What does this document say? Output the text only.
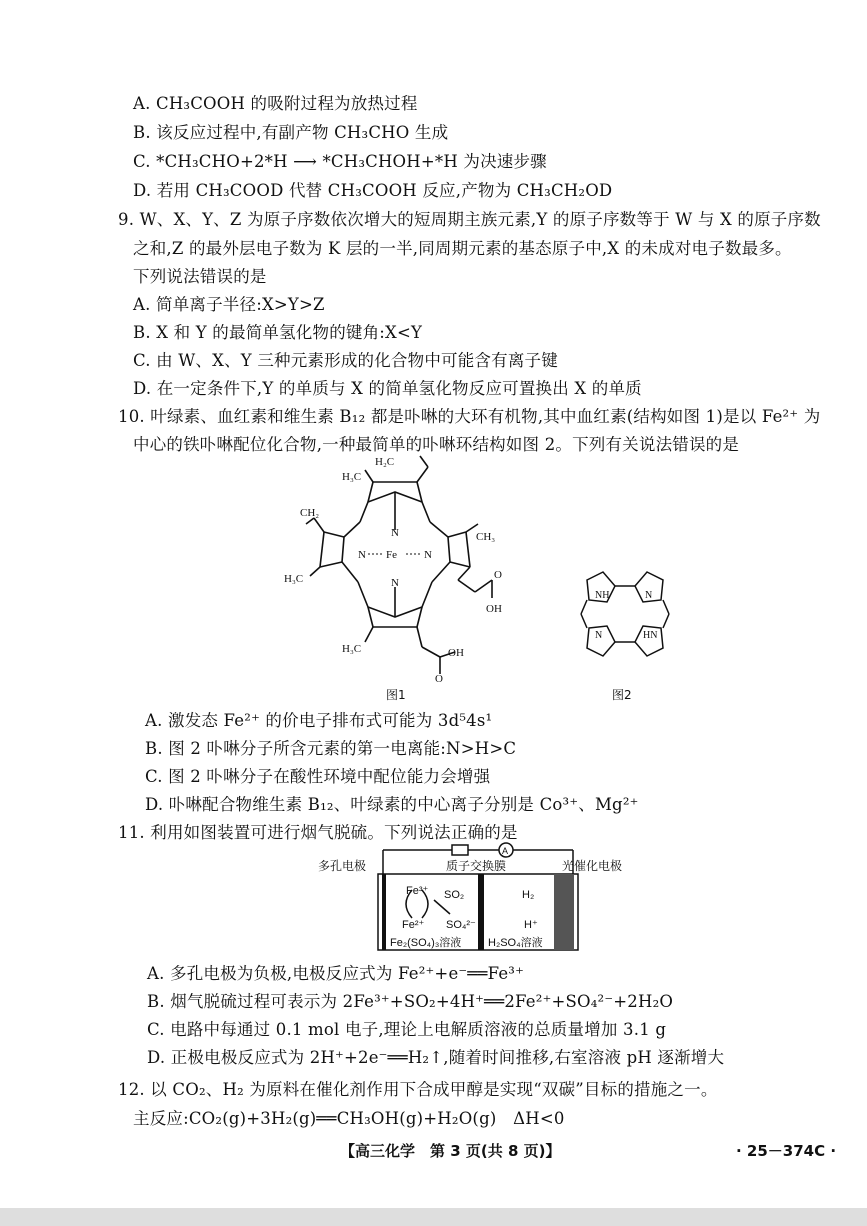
A. CH₃COOH 的吸附过程为放热过程
B. 该反应过程中,有副产物 CH₃CHO 生成
C. *CH₃CHO+2*H ⟶ *CH₃CHOH+*H 为决速步骤
D. 若用 CH₃COOD 代替 CH₃COOH 反应,产物为 CH₃CH₂OD
9. W、X、Y、Z 为原子序数依次增大的短周期主族元素,Y 的原子序数等于 W 与 X 的原子序数
之和,Z 的最外层电子数为 K 层的一半,同周期元素的基态原子中,X 的未成对电子数最多。
下列说法错误的是
A. 简单离子半径:X>Y>Z
B. X 和 Y 的最简单氢化物的键角:X<Y
C. 由 W、X、Y 三种元素形成的化合物中可能含有离子键
D. 在一定条件下,Y 的单质与 X 的简单氢化物反应可置换出 X 的单质
10. 叶绿素、血红素和维生素 B₁₂ 都是卟啉的大环有机物,其中血红素(结构如图 1)是以 Fe²⁺ 为
中心的铁卟啉配位化合物,一种最简单的卟啉环结构如图 2。下列有关说法错误的是
H₂C
H₃C
CH₂
CH₃
H₃C
Fe
N	N
N
N
OH
O
H₃C	OH
O
图1
NH	N
N	HN
图2
A. 激发态 Fe²⁺ 的价电子排布式可能为 3d⁵4s¹
B. 图 2 卟啉分子所含元素的第一电离能:N>H>C
C. 图 2 卟啉分子在酸性环境中配位能力会增强
D. 卟啉配合物维生素 B₁₂、叶绿素的中心离子分别是 Co³⁺、Mg²⁺
11. 利用如图装置可进行烟气脱硫。下列说法正确的是
多孔电极	质子交换膜	光催化电极
A
Fe³⁺ SO₂
Fe²⁺ SO₄²⁻
Fe₂(SO₄)₃溶液
H₂
H⁺
H₂SO₄溶液
A. 多孔电极为负极,电极反应式为 Fe²⁺+e⁻══Fe³⁺
B. 烟气脱硫过程可表示为 2Fe³⁺+SO₂+4H⁺══2Fe²⁺+SO₄²⁻+2H₂O
C. 电路中每通过 0.1 mol 电子,理论上电解质溶液的总质量增加 3.1 g
D. 正极电极反应式为 2H⁺+2e⁻══H₂↑,随着时间推移,右室溶液 pH 逐渐增大
12. 以 CO₂、H₂ 为原料在催化剂作用下合成甲醇是实现“双碳”目标的措施之一。
主反应:CO₂(g)+3H₂(g)══CH₃OH(g)+H₂O(g)　ΔH<0
【高三化学　第 3 页(共 8 页)】	· 25－374C ·
